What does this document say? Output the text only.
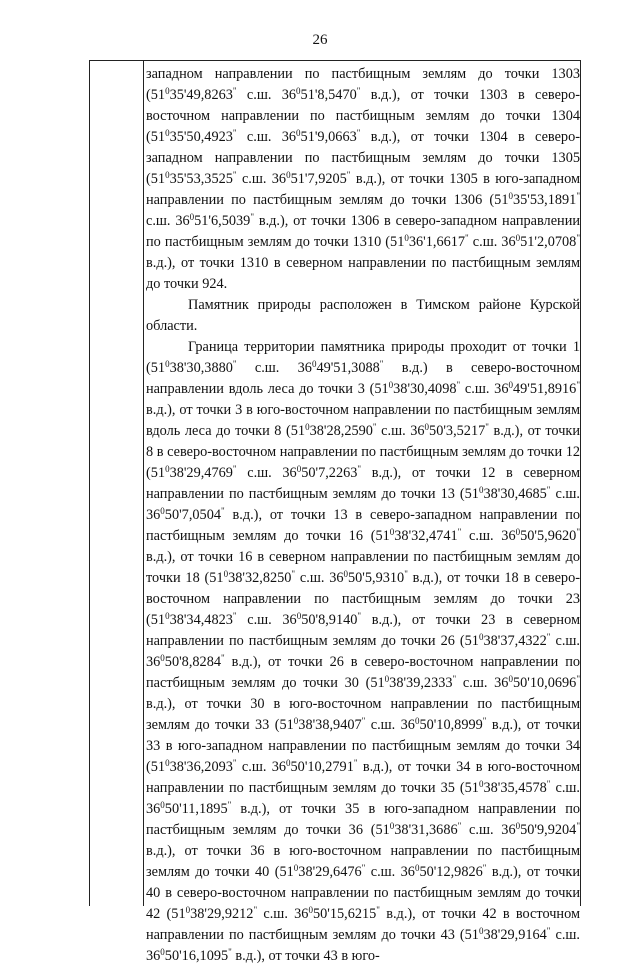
26

западном направлении по пастбищным землям до точки 1303 ($51^035'49,8263^"$ с.ш. $36^051'8,5470^"$ в.д.), от точки 1303 в северо-восточном направлении по пастбищным землям до точки 1304 ($51^035'50,4923^"$ с.ш. $36^051'9,0663^"$ в.д.), от точки 1304 в северо-западном направлении по пастбищным землям до точки 1305 ($51^035'53,3525^"$ с.ш. $36^051'7,9205^"$ в.д.), от точки 1305 в юго-западном направлении по пастбищным землям до точки 1306 ($51^035'53,1891^"$ с.ш. $36^051'6,5039^"$ в.д.), от точки 1306 в северо-западном направлении по пастбищным землям до точки 1310 ($51^036'1,6617^"$ с.ш. $36^051'2,0708^"$ в.д.), от точки 1310 в северном направлении по пастбищным землям до точки 924.

Памятник природы расположен в Тимском районе Курской области.

Граница территории памятника природы проходит от точки 1 ($51^038'30,3880^"$ с.ш. $36^049'51,3088^"$ в.д.) в северо-восточном направлении вдоль леса до точки 3 ($51^038'30,4098^"$ с.ш. $36^049'51,8916^"$ в.д.), от точки 3 в юго-восточном направлении по пастбищным землям вдоль леса до точки 8 ($51^038'28,2590^"$ с.ш. $36^050'3,5217^"$ в.д.), от точки 8 в северо-восточном направлении по пастбищным землям до точки 12 ($51^038'29,4769^"$ с.ш. $36^050'7,2263^"$ в.д.), от точки 12 в северном направлении по пастбищным землям до точки 13 ($51^038'30,4685^"$ с.ш. $36^050'7,0504^"$ в.д.), от точки 13 в северо-западном направлении по пастбищным землям до точки 16 ($51^038'32,4741^"$ с.ш. $36^050'5,9620^"$ в.д.), от точки 16 в северном направлении по пастбищным землям до точки 18 ($51^038'32,8250^"$ с.ш. $36^050'5,9310^"$ в.д.), от точки 18 в северо-восточном направлении по пастбищным землям до точки 23 ($51^038'34,4823^"$ с.ш. $36^050'8,9140^"$ в.д.), от точки 23 в северном направлении по пастбищным землям до точки 26 ($51^038'37,4322^"$ с.ш. $36^050'8,8284^"$ в.д.), от точки 26 в северо-восточном направлении по пастбищным землям до точки 30 ($51^038'39,2333^"$ с.ш. $36^050'10,0696^"$ в.д.), от точки 30 в юго-восточном направлении по пастбищным землям до точки 33 ($51^038'38,9407^"$ с.ш. $36^050'10,8999^"$ в.д.), от точки 33 в юго-западном направлении по пастбищным землям до точки 34 ($51^038'36,2093^"$ с.ш. $36^050'10,2791^"$ в.д.), от точки 34 в юго-восточном направлении по пастбищным землям до точки 35 ($51^038'35,4578^"$ с.ш. $36^050'11,1895^"$ в.д.), от точки 35 в юго-западном направлении по пастбищным землям до точки 36 ($51^038'31,3686^"$ с.ш. $36^050'9,9204^"$ в.д.), от точки 36 в юго-восточном направлении по пастбищным землям до точки 40 ($51^038'29,6476^"$ с.ш. $36^050'12,9826^"$ в.д.), от точки 40 в северо-восточном направлении по пастбищным землям до точки 42 ($51^038'29,9212^"$ с.ш. $36^050'15,6215^"$ в.д.), от точки 42 в восточном направлении по пастбищным землям до точки 43 ($51^038'29,9164^"$ с.ш. $36^050'16,1095^"$ в.д.), от точки 43 в юго-
